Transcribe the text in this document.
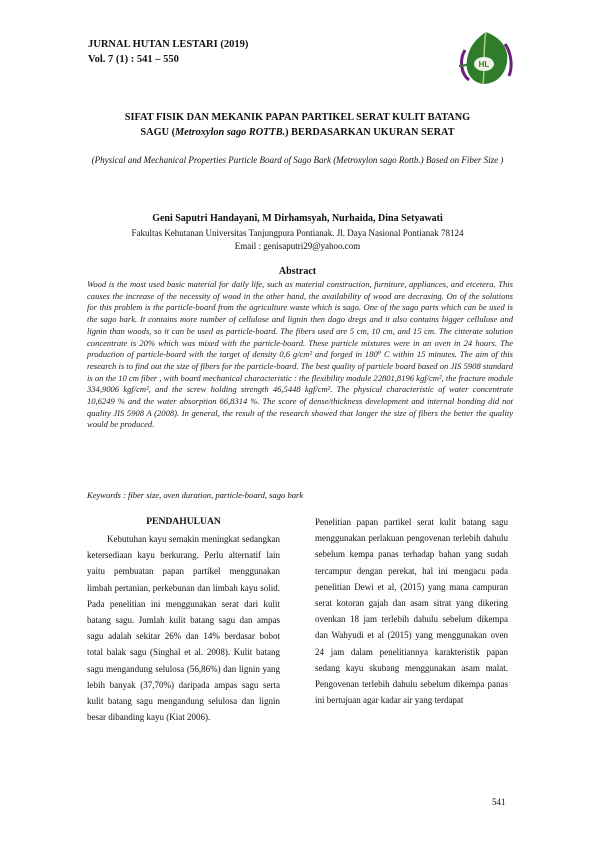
JURNAL HUTAN LESTARI (2019)
Vol. 7 (1) : 541 – 550	HL
SIFAT FISIK DAN MEKANIK PAPAN PARTIKEL SERAT KULIT BATANG
SAGU (Metroxylon sago ROTTB.) BERDASARKAN UKURAN SERAT
(Physical and Mechanical Properties Particle Board of Sago Bark (Metroxylon sago Rottb.) Based on Fiber Size )
Geni Saputri Handayani, M Dirhamsyah, Nurhaida, Dina Setyawati
Fakultas Kehutanan Universitas Tanjungpura Pontianak. Jl. Daya Nasional Pontianak 78124
Email : genisaputri29@yahoo.com
Abstract
Wood is the most used basic material for daily life, such as material construction, furniture, appliances, and etcetera. This causes the increase of the necessity of wood in the other hand, the availability of wood are decrasing. On of the solutions for this problem is the particle-board from the agriculture waste which is sago. One of the sago parts which can be used is the sago bark. It contains more number of cellulose and lignin then dago dregs and it also contains bigger cellulose and lignin than woods, so it can be used as particle-board. The fibers used are 5 cm, 10 cm, and 15 cm. The citterate solution concentrate is 20% which was mixed with the particle-board. These particle mixtures were in an oven in 24 hours. The production of particle-board with the target of density 0,6 g/cm² and forged in 180⁰ C within 15 minutes. The aim of this research is to find out the size of fibers for the particle-board. The best quality of particle board based on JIS 5908 standard is on the 10 cm fiber , with board mechanical characteristic : the flexibility module 22801,8196 kgf/cm², the fracture module 334,9006 kgf/cm², and the screw holding strength 46,5448 kgf/cm². The physical characteristic of water concentrate 10,6249 % and the water absorption 66,8314 %. The score of dense/thickness development and internal bonding did not quality JIS 5908 A (2008). In general, the result of the research showed that longer the size of fibers the better the quality would be produced.
Keywords : fiber size, oven duration, particle-board, sago bark
PENDAHULUAN
Kebutuhan kayu semakin meningkat sedangkan ketersediaan kayu berkurang. Perlu alternatif lain yaitu pembuatan papan partikel menggunakan limbah pertanian, perkebunan dan limbah kayu solid. Pada penelitian ini menggunakan serat dari kulit batang sagu. Jumlah kulit batang sagu dan ampas sagu adalah sekitar 26% dan 14% berdasar bobot total balak sagu (Singhal et al. 2008). Kulit batang sagu mengandung selulosa (56,86%) dan lignin yang lebih banyak (37,70%) daripada ampas sagu serta kulit batang sagu mengandung selulosa dan lignin besar dibanding kayu (Kiat 2006).
Penelitian papan partikel serat kulit batang sagu menggunakan perlakuan pengovenan terlebih dahulu sebelum kempa panas terhadap bahan yang sudah tercampur dengan perekat, hal ini mengacu pada penelitian Dewi et al, (2015) yang mana campuran serat kotoran gajah dan asam sitrat yang dikering ovenkan 18 jam terlebih dahulu sebelum dikempa dan Wahyudi et al (2015) yang menggunakan oven 24 jam dalam penelitiannya karakteristik papan sedang kayu skubang menggunakan asam malat. Pengovenan terlebih dahulu sebelum dikempa panas ini bertujuan agar kadar air yang terdapat
541
